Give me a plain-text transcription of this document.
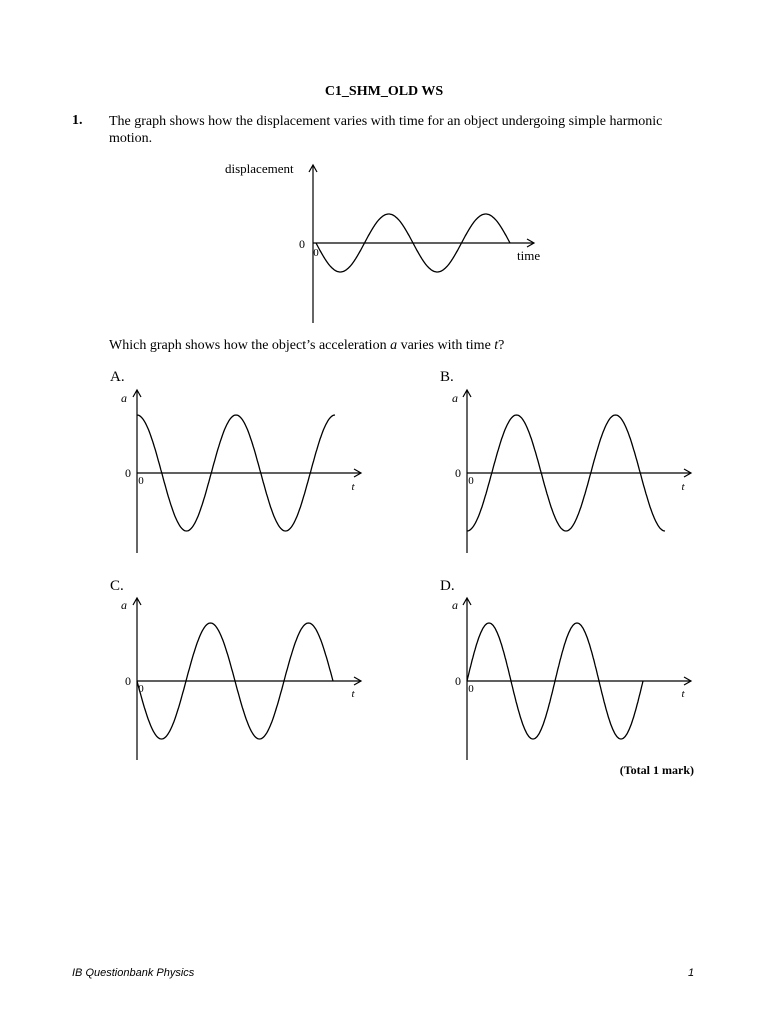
C1_SHM_OLD WS
1. The graph shows how the displacement varies with time for an object undergoing simple harmonic motion.
displacement
time
0
0
a
t
0
0
a
t
0
0
a
t
0
0
a
t
0
0
Which graph shows how the object’s acceleration a varies with time t?
A.	B.
C.	D.
(Total 1 mark)
IB Questionbank Physics	1
